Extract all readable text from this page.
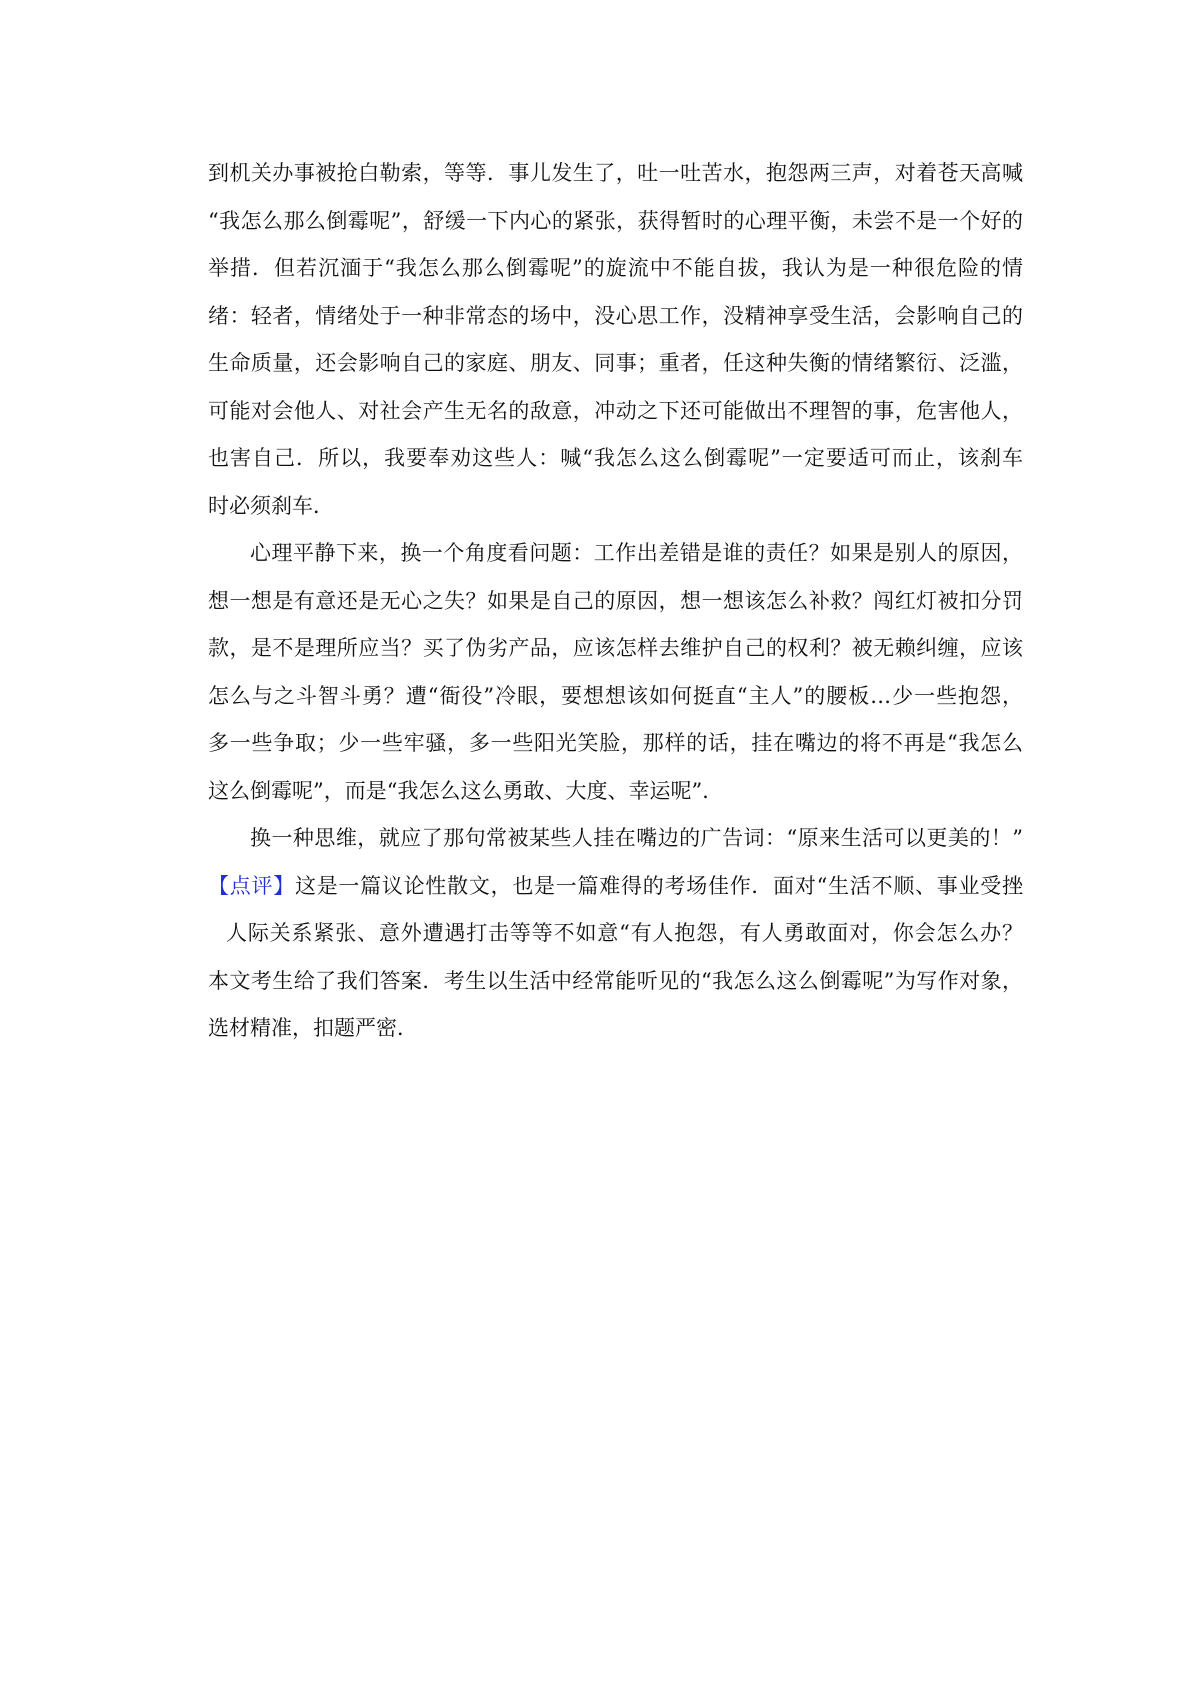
到机关办事被抢白勒索，等等．事儿发生了，吐一吐苦水，抱怨两三声，对着苍天高喊
“我怎么那么倒霉呢”，舒缓一下内心的紧张，获得暂时的心理平衡，未尝不是一个好的
举措．但若沉湎于“我怎么那么倒霉呢”的旋流中不能自拔，我认为是一种很危险的情
绪：轻者，情绪处于一种非常态的场中，没心思工作，没精神享受生活，会影响自己的
生命质量，还会影响自己的家庭、朋友、同事；重者，任这种失衡的情绪繁衍、泛滥，
可能对会他人、对社会产生无名的敌意，冲动之下还可能做出不理智的事，危害他人，
也害自己．所以，我要奉劝这些人：喊“我怎么这么倒霉呢”一定要适可而止，该刹车
时必须刹车．
心理平静下来，换一个角度看问题：工作出差错是谁的责任？如果是别人的原因，
想一想是有意还是无心之失？如果是自己的原因，想一想该怎么补救？闯红灯被扣分罚
款，是不是理所应当？买了伪劣产品，应该怎样去维护自己的权利？被无赖纠缠，应该
怎么与之斗智斗勇？遭“衙役”冷眼，要想想该如何挺直“主人”的腰板…少一些抱怨，
多一些争取；少一些牢骚，多一些阳光笑脸，那样的话，挂在嘴边的将不再是“我怎么
这么倒霉呢”，而是“我怎么这么勇敢、大度、幸运呢”．
换一种思维，就应了那句常被某些人挂在嘴边的广告词：“原来生活可以更美的！”
【点评】这是一篇议论性散文，也是一篇难得的考场佳作．面对“生活不顺、事业受挫
人际关系紧张、意外遭遇打击等等不如意“有人抱怨，有人勇敢面对，你会怎么办？
本文考生给了我们答案．考生以生活中经常能听见的“我怎么这么倒霉呢”为写作对象，
选材精准，扣题严密．
